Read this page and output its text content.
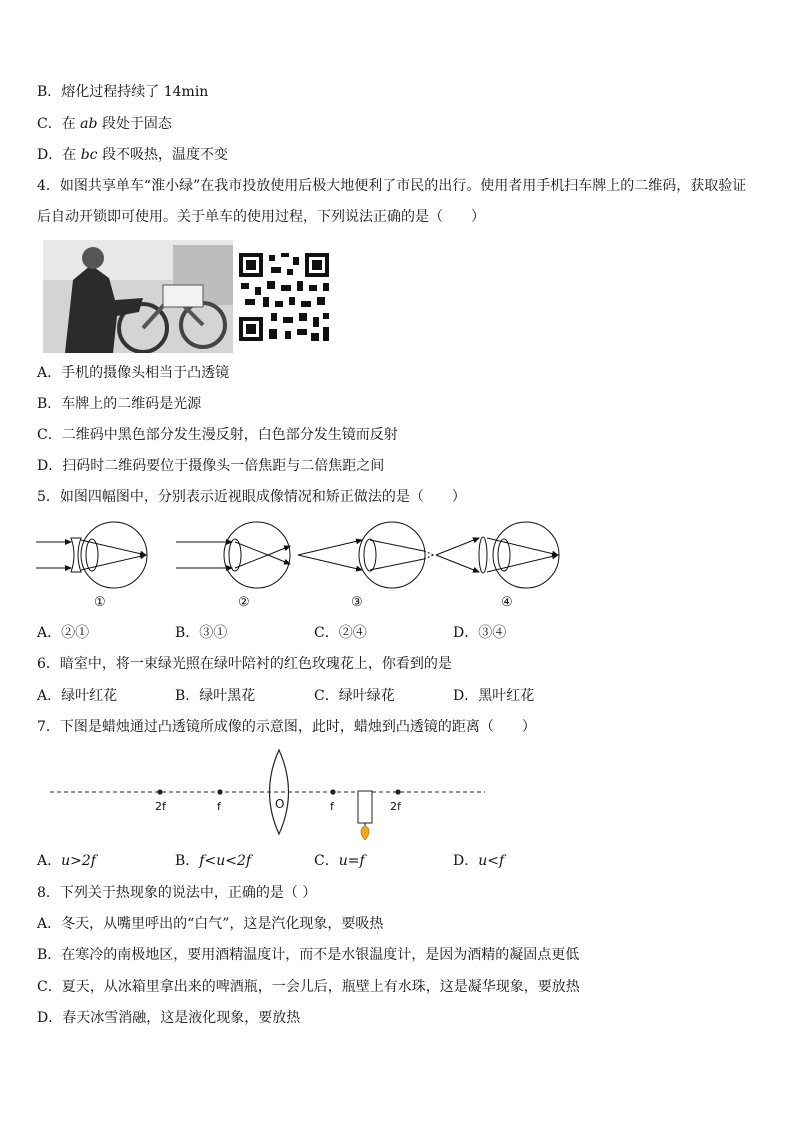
B．熔化过程持续了 14min
C．在 ab 段处于固态
D．在 bc 段不吸热，温度不变
4．如图共享单车“淮小绿”在我市投放使用后极大地便利了市民的出行。使用者用手机扫车牌上的二维码，获取验证
后自动开锁即可使用。关于单车的使用过程，下列说法正确的是（　　）
A．手机的摄像头相当于凸透镜
B．车牌上的二维码是光源
C．二维码中黑色部分发生漫反射，白色部分发生镜而反射
D．扫码时二维码要位于摄像头一倍焦距与二倍焦距之间
5．如图四幅图中，分别表示近视眼成像情况和矫正做法的是（　　）
①	②	③	④
A．②①	B．③①	C．②④	D．③④
6．暗室中，将一束绿光照在绿叶陪衬的红色玫瑰花上，你看到的是
A．绿叶红花	B．绿叶黑花	C．绿叶绿花	D．黑叶红花
7．下图是蜡烛通过凸透镜所成像的示意图，此时，蜡烛到凸透镜的距离（　　）
2f	f	O	f	2f
A．u>2f	B．f<u<2f	C．u=f	D．u<f
8．下列关于热现象的说法中，正确的是（ ）
A．冬天，从嘴里呼出的“白气”，这是汽化现象，要吸热
B．在寒冷的南极地区，要用酒精温度计，而不是水银温度计，是因为酒精的凝固点更低
C．夏天，从冰箱里拿出来的啤酒瓶，一会儿后，瓶壁上有水珠，这是凝华现象，要放热
D．春天冰雪消融，这是液化现象，要放热
